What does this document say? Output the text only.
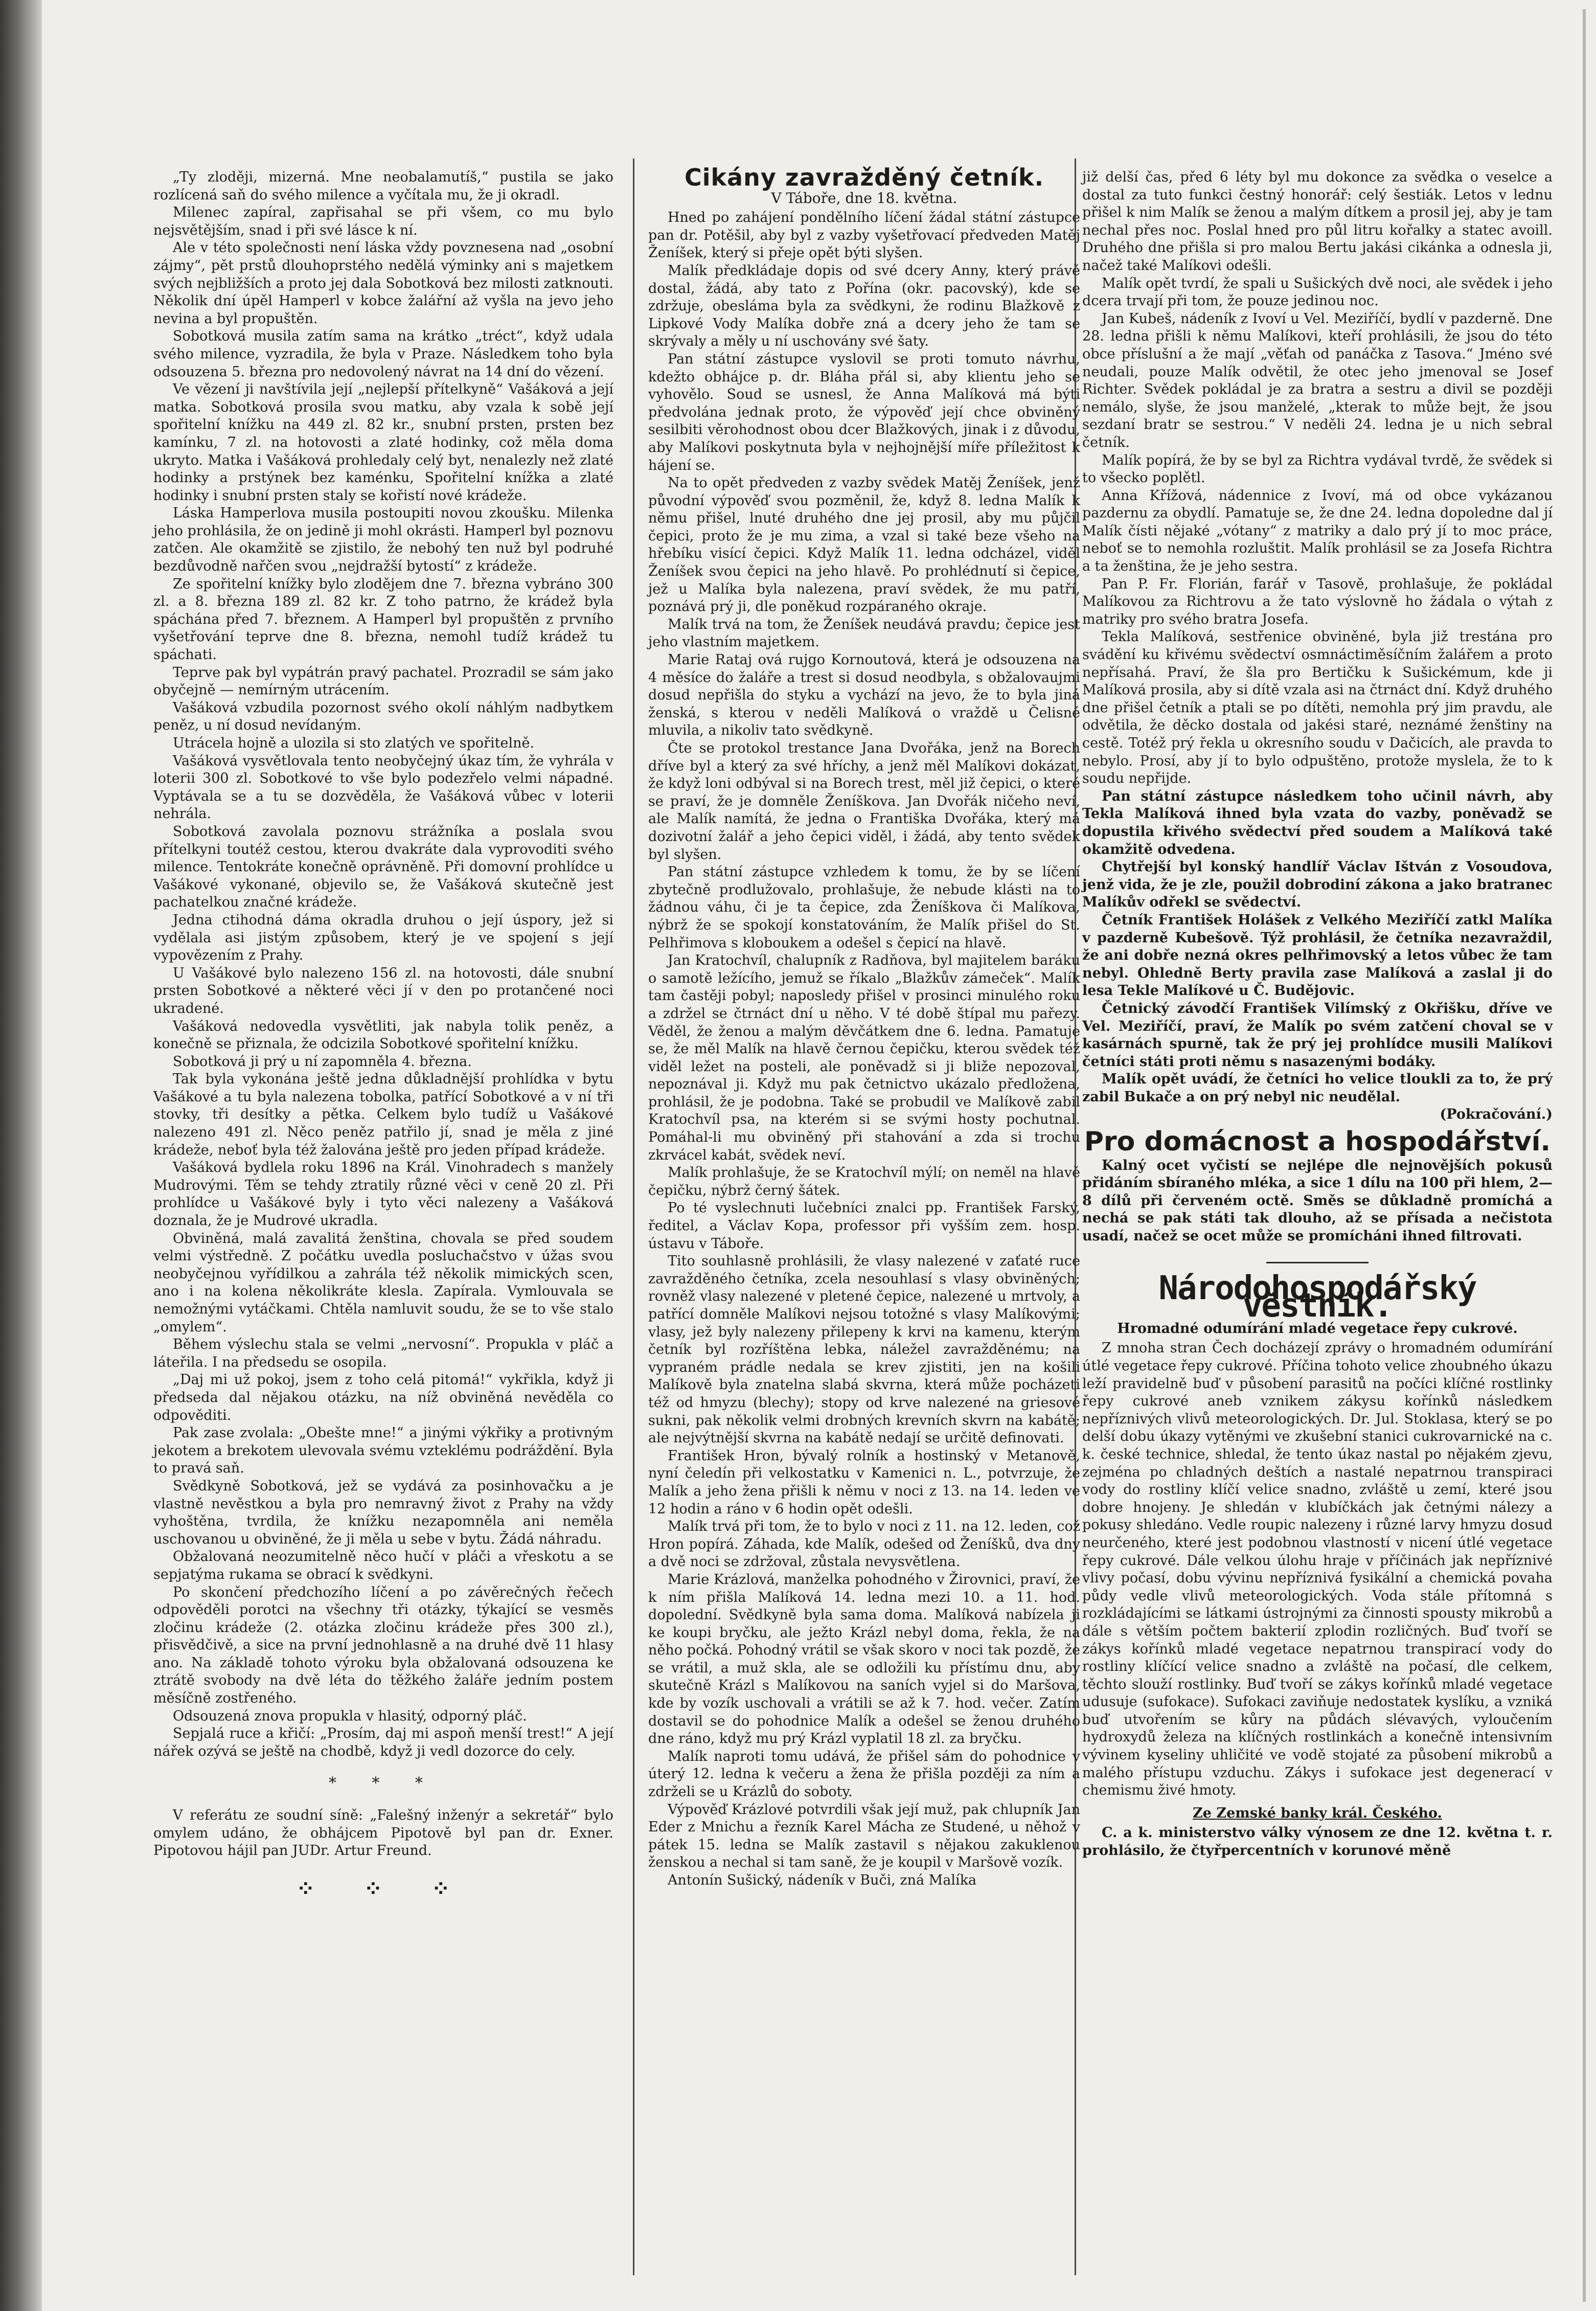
„Ty zloději, mizerná. Mne neobalamutíš,“ pustila se jako rozlícená saň do svého milence a vyčítala mu, že ji okradl.

Milenec zapíral, zapřisahal se při všem, co mu bylo nejsvětějším, snad i při své lásce k ní.

Ale v této společnosti není láska vždy povznesena nad „osobní zájmy“, pět prstů dlouhoprstého nedělá výminky ani s majetkem svých nejbližších a proto jej dala Sobotková bez milosti zatknouti. Několik dní úpěl Hamperl v kobce žalářní až vyšla na jevo jeho nevina a byl propuštěn.

Sobotková musila zatím sama na krátko „tréct“, když udala svého milence, vyzradila, že byla v Praze. Následkem toho byla odsouzena 5. března pro nedovolený návrat na 14 dní do vězení.

Ve vězení ji navštívila její „nejlepší přítelkyně“ Vašáková a její matka. Sobotková prosila svou matku, aby vzala k sobě její spořitelní knížku na 449 zl. 82 kr., snubní prsten, prsten bez kamínku, 7 zl. na hotovosti a zlaté hodinky, což měla doma ukryto. Matka i Vašáková prohledaly celý byt, nenalezly než zlaté hodinky a prstýnek bez kaménku, Spořitelní knížka a zlaté hodinky i snubní prsten staly se kořistí nové krádeže.

Láska Hamperlova musila postoupiti novou zkoušku. Milenka jeho prohlásila, že on jedině ji mohl okrásti. Hamperl byl poznovu zatčen. Ale okamžitě se zjistilo, že nebohý ten nuž byl podruhé bezdůvodně nařčen svou „nejdražší bytostí“ z krádeže.

Ze spořitelní knížky bylo zlodějem dne 7. března vybráno 300 zl. a 8. března 189 zl. 82 kr. Z toho patrno, že krádež byla spáchána před 7. březnem. A Hamperl byl propuštěn z prvního vyšetřování teprve dne 8. března, nemohl tudíž krádež tu spáchati.

Teprve pak byl vypátrán pravý pachatel. Prozradil se sám jako obyčejně — nemírným utrácením.

Vašáková vzbudila pozornost svého okolí náhlým nadbytkem peněz, u ní dosud nevídaným.

Utrácela hojně a ulozila si sto zlatých ve spořitelně.

Vašáková vysvětlovala tento neobyčejný úkaz tím, že vyhrála v loterii 300 zl. Sobotkové to vše bylo podezřelo velmi nápadné. Vyptávala se a tu se dozvěděla, že Vašáková vůbec v loterii nehrála.

Sobotková zavolala poznovu strážníka a poslala svou přítelkyni toutéž cestou, kterou dvakráte dala vyprovoditi svého milence. Tentokráte konečně oprávněně. Při domovní prohlídce u Vašákové vykonané, objevilo se, že Vašáková skutečně jest pachatelkou značné krádeže.

Jedna ctihodná dáma okradla druhou o její úspory, jež si vydělala asi jistým způsobem, který je ve spojení s její vypovězením z Prahy.

U Vašákové bylo nalezeno 156 zl. na hotovosti, dále snubní prsten Sobotkové a některé věci jí v den po protančené noci ukradené.

Vašáková nedovedla vysvětliti, jak nabyla tolik peněz, a konečně se přiznala, že odcizila Sobotkové spořitelní knížku.

Sobotková ji prý u ní zapomněla 4. března.

Tak byla vykonána ještě jedna důkladnější prohlídka v bytu Vašákové a tu byla nalezena tobolka, patřící Sobotkové a v ní tři stovky, tři desítky a pětka. Celkem bylo tudíž u Vašákové nalezeno 491 zl. Něco peněz patřilo jí, snad je měla z jiné krádeže, neboť byla též žalována ještě pro jeden případ krádeže.

Vašáková bydlela roku 1896 na Král. Vinohradech s manžely Mudrovými. Těm se tehdy ztratily různé věci v ceně 20 zl. Při prohlídce u Vašákové byly i tyto věci nalezeny a Vašáková doznala, že je Mudrové ukradla.

Obviněná, malá zavalitá ženština, chovala se před soudem velmi výstředně. Z počátku uvedla posluchačstvo v úžas svou neobyčejnou vyřídilkou a zahrála též několik mimických scen, ano i na kolena několikráte klesla. Zapírala. Vymlouvala se nemožnými vytáčkami. Chtěla namluvit soudu, že se to vše stalo „omylem“.

Během výslechu stala se velmi „nervosní“. Propukla v pláč a láteřila. I na předsedu se osopila.

„Daj mi už pokoj, jsem z toho celá pitomá!“ vykřikla, když ji předseda dal nějakou otázku, na níž obviněná nevěděla co odpověditi.

Pak zase zvolala: „Obešte mne!“ a jinými výkřiky a protivným jekotem a brekotem ulevovala svému vzteklému podráždění. Byla to pravá saň.

Svědkyně Sobotková, jež se vydává za posinhovačku a je vlastně nevěstkou a byla pro nemravný život z Prahy na vždy vyhoštěna, tvrdila, že knížku nezapomněla ani neměla uschovanou u obviněné, že ji měla u sebe v bytu. Žádá náhradu.

Obžalovaná neozumitelně něco hučí v pláči a vřeskotu a se sepjatýma rukama se obrací k svědkyni.

Po skončení předchozího líčení a po závěrečných řečech odpověděli porotci na všechny tři otázky, týkající se vesměs zločinu krádeže (2. otázka zločinu krádeže přes 300 zl.), přisvědčivě, a sice na první jednohlasně a na druhé dvě 11 hlasy ano. Na základě tohoto výroku byla obžalovaná odsouzena ke ztrátě svobody na dvě léta do těžkého žaláře jedním postem měsíčně zostřeného.

Odsouzená znova propukla v hlasitý, odporný pláč.

Sepjalá ruce a křičí: „Prosím, daj mi aspoň menší trest!“ A její nářek ozývá se ještě na chodbě, když ji vedl dozorce do cely.

* * *

V referátu ze soudní síně: „Falešný inženýr a sekretář“ bylo omylem udáno, že obhájcem Pipotově byl pan dr. Exner. Pipotovou hájil pan JUDr. Artur Freund.

⁘ ⁘ ⁘
Cikány zavražděný četník.
V Táboře, dne 18. května.

Hned po zahájení pondělního líčení žádal státní zástupce pan dr. Potěšil, aby byl z vazby vyšetřovací předveden Matěj Ženíšek, který si přeje opět býti slyšen.

Malík předkládaje dopis od své dcery Anny, který právě dostal, žádá, aby tato z Pořína (okr. pacovský), kde se zdržuje, obesláma byla za svědkyni, že rodinu Blažkově z Lipkové Vody Malíka dobře zná a dcery jeho že tam se skrývaly a měly u ní uschovány své šaty.

Pan státní zástupce vyslovil se proti tomuto návrhu, kdežto obhájce p. dr. Bláha přál si, aby klientu jeho se vyhovělo. Soud se usnesl, že Anna Malíková má býti předvolána jednak proto, že výpověď její chce obviněný sesilbiti věrohodnost obou dcer Blažkových, jinak i z důvodu, aby Malíkovi poskytnuta byla v nejhojnější míře příležitost k hájení se.

Na to opět předveden z vazby svědek Matěj Ženíšek, jenž původní výpověď svou pozměnil, že, když 8. ledna Malík k němu přišel, lnuté druhého dne jej prosil, aby mu půjčil čepici, proto že je mu zima, a vzal si také beze všeho na hřebíku visící čepici. Když Malík 11. ledna odcházel, viděl Ženíšek svou čepici na jeho hlavě. Po prohlédnutí si čepice, jež u Malíka byla nalezena, praví svědek, že mu patří, poznává prý ji, dle poněkud rozpáraného okraje.

Malík trvá na tom, že Ženíšek neudává pravdu; čepice jest jeho vlastním majetkem.

Marie Rataj ová rujgo Kornoutová, která je odsouzena na 4 měsíce do žaláře a trest si dosud neodbyla, s obžalovaujmi dosud nepřišla do styku a vychází na jevo, že to byla jiná ženská, s kterou v neděli Malíková o vraždě u Čelisné mluvila, a nikoliv tato svědkyně.

Čte se protokol trestance Jana Dvořáka, jenž na Borech dříve byl a který za své hříchy, a jenž měl Malíkovi dokázat, že když loni odbýval si na Borech trest, měl již čepici, o které se praví, že je domněle Ženíškova. Jan Dvořák ničeho neví, ale Malík namítá, že jedna o Františka Dvořáka, který má dozivotní žalář a jeho čepici viděl, i žádá, aby tento svědek byl slyšen.

Pan státní zástupce vzhledem k tomu, že by se líčení zbytečně prodlužovalo, prohlašuje, že nebude klásti na to žádnou váhu, či je ta čepice, zda Ženíškova či Malíkova, nýbrž že se spokojí konstatováním, že Malík přišel do St. Pelhřimova s kloboukem a odešel s čepicí na hlavě.

Jan Kratochvíl, chalupník z Radňova, byl majitelem baráku o samotě ležícího, jemuž se říkalo „Blažkův zámeček“. Malík tam častěji pobyl; naposledy přišel v prosinci minulého roku a zdržel se čtrnáct dní u něho. V té době štípal mu pařezy. Věděl, že ženou a malým děvčátkem dne 6. ledna. Pamatuje se, že měl Malík na hlavě černou čepičku, kterou svědek též viděl ležet na posteli, ale poněvadž si ji bliže nepozoval, nepoznával ji. Když mu pak četnictvo ukázalo předložena, prohlásil, že je podobna. Také se probudil ve Malíkově zabil Kratochvíl psa, na kterém si se svými hosty pochutnal. Pomáhal-li mu obviněný při stahování a zda si trochu zkrvácel kabát, svědek neví.

Malík prohlašuje, že se Kratochvíl mýlí; on neměl na hlavě čepičku, nýbrž černý šátek.

Po té vyslechnuti lučebníci znalci pp. František Farský, ředitel, a Václav Kopa, professor při vyšším zem. hosp. ústavu v Táboře.

Tito souhlasně prohlásili, že vlasy nalezené v zaťaté ruce zavražděného četníka, zcela nesouhlasí s vlasy obviněných; rovněž vlasy nalezené v pletené čepice, nalezené u mrtvoly, a patřící domněle Malíkovi nejsou totožné s vlasy Malíkovými; vlasy, jež byly nalezeny přilepeny k krvi na kamenu, kterým četník byl rozříštěna lebka, náležel zavražděnému; na vypraném prádle nedala se krev zjistiti, jen na košili Malíkově byla znatelna slabá skvrna, která může pocházeti též od hmyzu (blechy); stopy od krve nalezené na griesové sukni, pak několik velmi drobných krevních skvrn na kabátě; ale nejvýtnější skvrna na kabátě nedají se určitě definovati.

František Hron, bývalý rolník a hostinský v Metanově, nyní čeledín při velkostatku v Kamenici n. L., potvrzuje, že Malík a jeho žena přišli k němu v noci z 13. na 14. leden ve 12 hodin a ráno v 6 hodin opět odešli.

Malík trvá při tom, že to bylo v noci z 11. na 12. leden, což Hron popírá. Záhada, kde Malík, odešed od Ženíšků, dva dny a dvě noci se zdržoval, zůstala nevysvětlena.

Marie Krázlová, manželka pohodného v Žirovnici, praví, že k ním přišla Malíková 14. ledna mezi 10. a 11. hod. dopolední. Svědkyně byla sama doma. Malíková nabízela ji ke koupi bryčku, ale ježto Krázl nebyl doma, řekla, že na něho počká. Pohodný vrátil se však skoro v noci tak pozdě, že se vrátil, a muž skla, ale se odložili ku přístímu dnu, aby skutečně Krázl s Malíkovou na saních vyjel si do Maršova, kde by vozík uschovali a vrátili se až k 7. hod. večer. Zatím dostavil se do pohodnice Malík a odešel se ženou druhého dne ráno, když mu prý Krázl vyplatil 18 zl. za bryčku.

Malík naproti tomu udává, že přišel sám do pohodnice v úterý 12. ledna k večeru a žena že přišla později za ním a zdrželi se u Krázlů do soboty.

Výpověď Krázlové potvrdili však její muž, pak chlupník Jan Eder z Mnichu a řezník Karel Mácha ze Studené, u něhož v pátek 15. ledna se Malík zastavil s nějakou zakuklenou ženskou a nechal si tam saně, že je koupil v Maršově vozík.

Antonín Sušický, nádeník v Buči, zná Malíka

již delší čas, před 6 léty byl mu dokonce za svědka o veselce a dostal za tuto funkci čestný honorář: celý šestiák. Letos v lednu přišel k nim Malík se ženou a malým dítkem a prosil jej, aby je tam nechal přes noc. Poslal hned pro půl litru kořalky a statec avoill. Druhého dne přišla si pro malou Bertu jakási cikánka a odnesla ji, načež také Malíkovi odešli.

Malík opět tvrdí, že spali u Sušických dvě noci, ale svědek i jeho dcera trvají při tom, že pouze jedinou noc.

Jan Kubeš, nádeník z Ivoví u Vel. Meziříčí, bydlí v pazderně. Dne 28. ledna přišli k němu Malíkovi, kteří prohlásili, že jsou do této obce příslušní a že mají „věťah od panáčka z Tasova.“ Jméno své neudali, pouze Malík odvětil, že otec jeho jmenoval se Josef Richter. Svědek pokládal je za bratra a sestru a divil se později nemálo, slyše, že jsou manželé, „kterak to může bejt, že jsou sezdaní bratr se sestrou.“ V neděli 24. ledna je u nich sebral četník.

Malík popírá, že by se byl za Richtra vydával tvrdě, že svědek si to všecko poplětl.

Anna Křížová, nádennice z Ivoví, má od obce vykázanou pazdernu za obydlí. Pamatuje se, že dne 24. ledna dopoledne dal jí Malík čísti nějaké „vótany“ z matriky a dalo prý jí to moc práce, neboť se to nemohla rozluštit. Malík prohlásil se za Josefa Richtra a ta ženština, že je jeho sestra.

Pan P. Fr. Florián, farář v Tasově, prohlašuje, že pokládal Malíkovou za Richtrovu a že tato výslovně ho žádala o výtah z matriky pro svého bratra Josefa.

Tekla Malíková, sestřenice obviněné, byla již trestána pro svádění ku křivému svědectví osmnáctiměsíčním žalářem a proto nepřísahá. Praví, že šla pro Bertičku k Sušickémum, kde ji Malíková prosila, aby si dítě vzala asi na čtrnáct dní. Když druhého dne přišel četník a ptali se po dítěti, nemohla prý jim pravdu, ale odvětila, že děcko dostala od jakési staré, neznámé ženštiny na cestě. Totéž prý řekla u okresního soudu v Dačicích, ale pravda to nebylo. Prosí, aby jí to bylo odpuštěno, protože myslela, že to k soudu nepřijde.

Pan státní zástupce následkem toho učinil návrh, aby Tekla Malíková ihned byla vzata do vazby, poněvadž se dopustila křivého svědectví před soudem a Malíková také okamžitě odvedena.

Chytřejší byl konský handlíř Václav Ištván z Vosoudova, jenž vida, že je zle, použil dobrodiní zákona a jako bratranec Malíkův odřekl se svědectví.

Četník František Holášek z Velkého Meziříčí zatkl Malíka v pazderně Kubešově. Týž prohlásil, že četníka nezavraždil, že ani dobře nezná okres pelhřimovský a letos vůbec že tam nebyl. Ohledně Berty pravila zase Malíková a zaslal ji do lesa Tekle Malíkové u Č. Budějovic.

Četnický závodčí František Vilímský z Okřišku, dříve ve Vel. Meziříčí, praví, že Malík po svém zatčení choval se v kasárnách spurně, tak že prý jej prohlídce musili Malíkovi četníci státi proti němu s nasazenými bodáky.

Malík opět uvádí, že četníci ho velice tloukli za to, že prý zabil Bukače a on prý nebyl nic neudělal.

(Pokračování.)

Pro domácnost a hospodářství.

Kalný ocet vyčistí se nejlépe dle nejnovějších pokusů přidáním sbíraného mléka, a sice 1 dílu na 100 při hlem, 2—8 dílů při červeném octě. Směs se důkladně promíchá a nechá se pak státi tak dlouho, až se přísada a nečistota usadí, načež se ocet může se promícháni ihned filtrovati.

Národohospodářský věstník.
Hromadné odumírání mladé vegetace řepy cukrové.

Z mnoha stran Čech docházejí zprávy o hromadném odumírání útlé vegetace řepy cukrové. Příčina tohoto velice zhoubného úkazu leží pravidelně buď v působení parasitů na počíci klíčné rostlinky řepy cukrové aneb vznikem zákysu kořínků následkem nepříznivých vlivů meteorologických. Dr. Jul. Stoklasa, který se po delší dobu úkazy vytěnými ve zkušební stanici cukrovarnické na c. k. české technice, shledal, že tento úkaz nastal po nějakém zjevu, zejména po chladných deštích a nastalé nepatrnou transpiraci vody do rostliny klíčí velice snadno, zvláště u zemí, které jsou dobre hnojeny. Je shledán v klubíčkách jak četnými nálezy a pokusy shledáno. Vedle roupic nalezeny i různé larvy hmyzu dosud neurčeného, které jest podobnou vlastností v nicení útlé vegetace řepy cukrové. Dále velkou úlohu hraje v příčinách jak nepříznivé vlivy počasí, dobu vývinu nepříznivá fysikální a chemická povaha půdy vedle vlivů meteorologických. Voda stále přítomná s rozkládajícími se látkami ústrojnými za činnosti spousty mikrobů a dále s větším počtem bakterií zplodin rozličných. Buď tvoří se zákys kořínků mladé vegetace nepatrnou transpirací vody do rostliny klíčící velice snadno a zvláště na počasí, dle celkem, těchto slouží rostlinky. Buď tvoří se zákys kořínků mladé vegetace udusuje (sufokace). Sufokaci zaviňuje nedostatek kyslíku, a vzniká buď utvořením se kůry na půdách slévavých, vyloučením hydroxydů železa na klíčných rostlinkách a konečně intensivním vývinem kyseliny uhličité ve vodě stojaté za působení mikrobů a malého přístupu vzduchu. Zákys i sufokace jest degenerací v chemismu živé hmoty.

Ze Zemské banky král. Českého.

C. a k. ministerstvo války výnosem ze dne 12. května t. r. prohlásilo, že čtyřpercentních v korunové měně
